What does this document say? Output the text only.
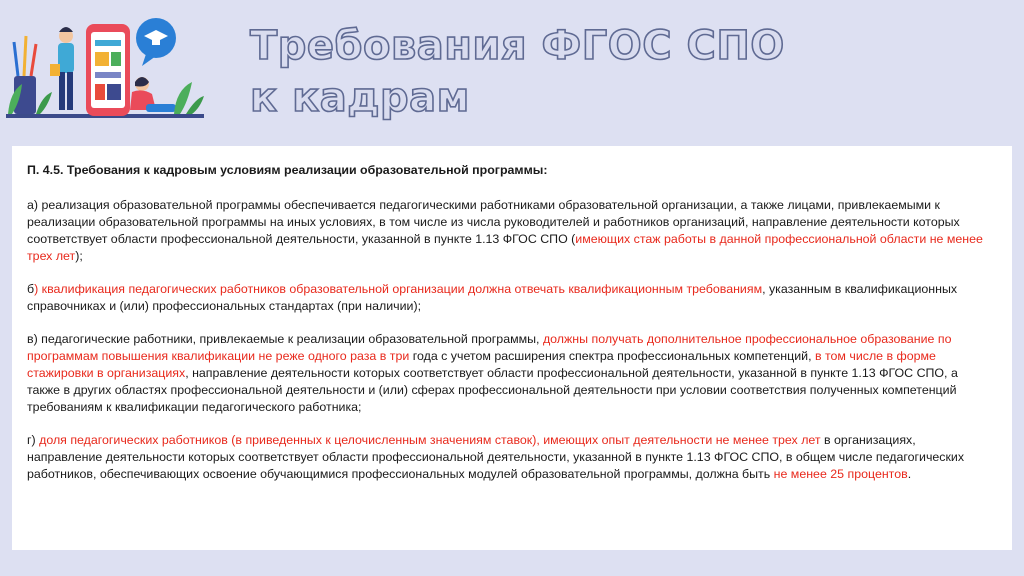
Требования ФГОС СПО
к кадрам

П. 4.5. Требования к кадровым условиям реализации образовательной программы:

а) реализация образовательной программы обеспечивается педагогическими работниками образовательной организации, а также лицами, привлекаемыми к реализации образовательной программы на иных условиях, в том числе из числа руководителей и работников организаций, направление деятельности которых соответствует области профессиональной деятельности, указанной в пункте 1.13 ФГОС СПО (имеющих стаж работы в данной профессиональной области не менее трех лет);

б) квалификация педагогических работников образовательной организации должна отвечать квалификационным требованиям, указанным в квалификационных справочниках и (или) профессиональных стандартах (при наличии);

в) педагогические работники, привлекаемые к реализации образовательной программы, должны получать дополнительное профессиональное образование по программам повышения квалификации не реже одного раза в три года с учетом расширения спектра профессиональных компетенций, в том числе в форме стажировки в организациях, направление деятельности которых соответствует области профессиональной деятельности, указанной в пункте 1.13 ФГОС СПО, а также в других областях профессиональной деятельности и (или) сферах профессиональной деятельности при условии соответствия полученных компетенций требованиям к квалификации педагогического работника;

г) доля педагогических работников (в приведенных к целочисленным значениям ставок), имеющих опыт деятельности не менее трех лет в организациях, направление деятельности которых соответствует области профессиональной деятельности, указанной в пункте 1.13 ФГОС СПО, в общем числе педагогических работников, обеспечивающих освоение обучающимися профессиональных модулей образовательной программы, должна быть не менее 25 процентов.
